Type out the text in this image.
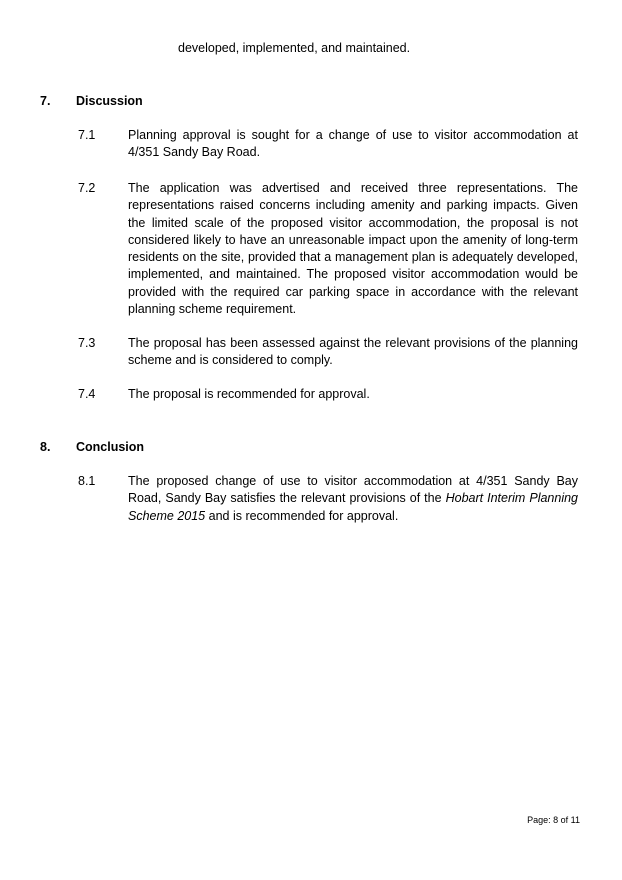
developed, implemented, and maintained.
7. Discussion
7.1	Planning approval is sought for a change of use to visitor accommodation at 4/351 Sandy Bay Road.
7.2	The application was advertised and received three representations. The representations raised concerns including amenity and parking impacts. Given the limited scale of the proposed visitor accommodation, the proposal is not considered likely to have an unreasonable impact upon the amenity of long-term residents on the site, provided that a management plan is adequately developed, implemented, and maintained. The proposed visitor accommodation would be provided with the required car parking space in accordance with the relevant planning scheme requirement.
7.3	The proposal has been assessed against the relevant provisions of the planning scheme and is considered to comply.
7.4	The proposal is recommended for approval.
8. Conclusion
8.1	The proposed change of use to visitor accommodation at 4/351 Sandy Bay Road, Sandy Bay satisfies the relevant provisions of the Hobart Interim Planning Scheme 2015 and is recommended for approval.
Page: 8 of 11
